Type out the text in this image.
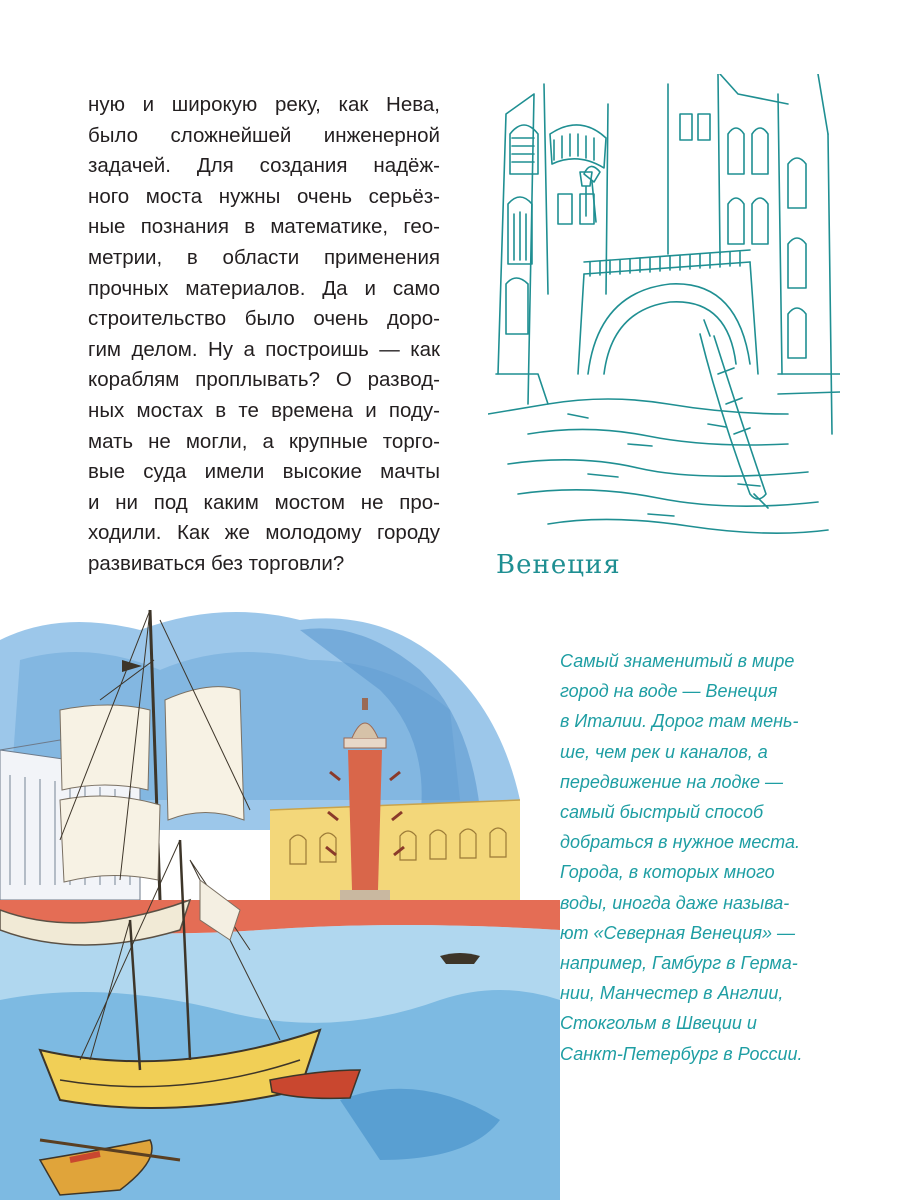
ную и широкую реку, как Нева,
было сложнейшей инженерной
задачей. Для создания надёж-
ного моста нужны очень серьёз-
ные познания в математике, гео-
метрии, в области применения
прочных материалов. Да и само
строительство было очень доро-
гим делом. Ну а построишь — как
кораблям проплывать? О развод-
ных мостах в те времена и поду-
мать не могли, а крупные торго-
вые суда имели высокие мачты
и ни под каким мостом не про-
ходили. Как же молодому городу
развиваться без торговли?	Венеция

Самый знаменитый в мире
город на воде — Венеция
в Италии. Дорог там мень-
ше, чем рек и каналов, а
передвижение на лодке —
самый быстрый способ
добраться в нужное места.
Города, в которых много
воды, иногда даже называ-
ют «Северная Венеция» —
например, Гамбург в Герма-
нии, Манчестер в Англии,
Стокгольм в Швеции и
Санкт-Петербург в России.
